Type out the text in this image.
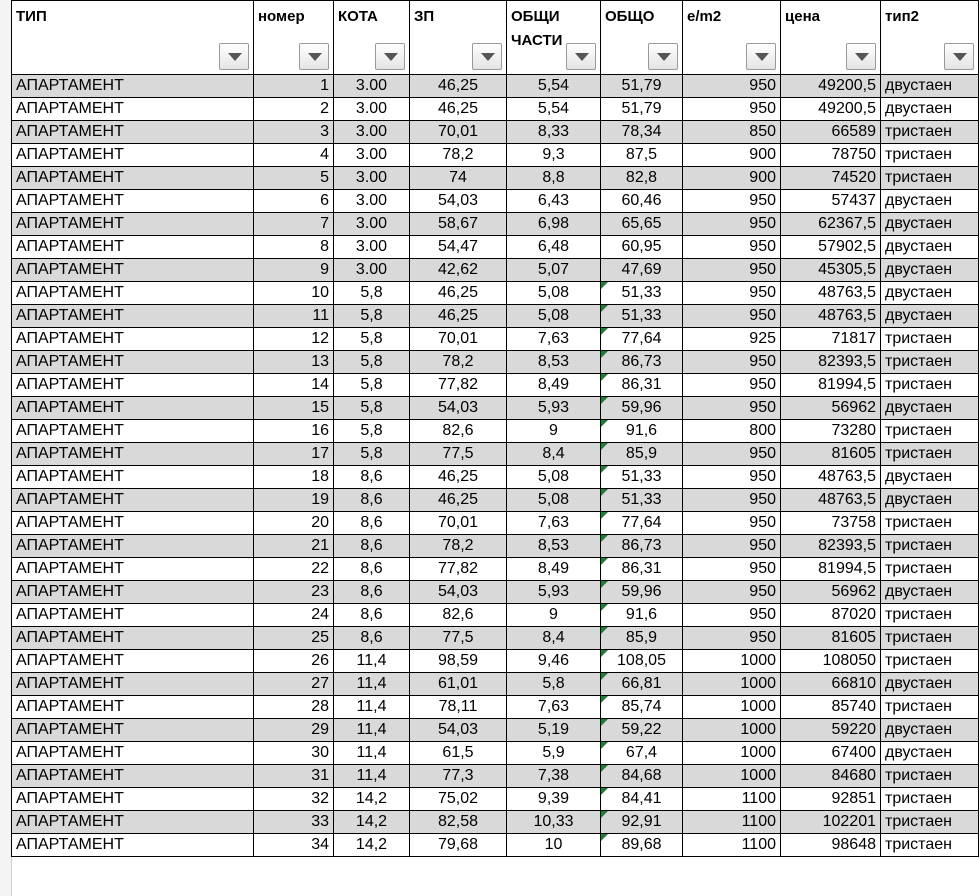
ТИП	номер	КОТА	ЗП	ОБЩИ ЧАСТИ	ОБЩО	e/m2	цена	тип2

АПАРТАМЕНТ	1	3.00	46,25	5,54	51,79	950	49200,5	двустаен
АПАРТАМЕНТ	2	3.00	46,25	5,54	51,79	950	49200,5	двустаен
АПАРТАМЕНТ	3	3.00	70,01	8,33	78,34	850	66589	тристаен
АПАРТАМЕНТ	4	3.00	78,2	9,3	87,5	900	78750	тристаен
АПАРТАМЕНТ	5	3.00	74	8,8	82,8	900	74520	тристаен
АПАРТАМЕНТ	6	3.00	54,03	6,43	60,46	950	57437	двустаен
АПАРТАМЕНТ	7	3.00	58,67	6,98	65,65	950	62367,5	двустаен
АПАРТАМЕНТ	8	3.00	54,47	6,48	60,95	950	57902,5	двустаен
АПАРТАМЕНТ	9	3.00	42,62	5,07	47,69	950	45305,5	двустаен
АПАРТАМЕНТ	10	5,8	46,25	5,08	51,33	950	48763,5	двустаен
АПАРТАМЕНТ	11	5,8	46,25	5,08	51,33	950	48763,5	двустаен
АПАРТАМЕНТ	12	5,8	70,01	7,63	77,64	925	71817	тристаен
АПАРТАМЕНТ	13	5,8	78,2	8,53	86,73	950	82393,5	тристаен
АПАРТАМЕНТ	14	5,8	77,82	8,49	86,31	950	81994,5	тристаен
АПАРТАМЕНТ	15	5,8	54,03	5,93	59,96	950	56962	двустаен
АПАРТАМЕНТ	16	5,8	82,6	9	91,6	800	73280	тристаен
АПАРТАМЕНТ	17	5,8	77,5	8,4	85,9	950	81605	тристаен
АПАРТАМЕНТ	18	8,6	46,25	5,08	51,33	950	48763,5	двустаен
АПАРТАМЕНТ	19	8,6	46,25	5,08	51,33	950	48763,5	двустаен
АПАРТАМЕНТ	20	8,6	70,01	7,63	77,64	950	73758	тристаен
АПАРТАМЕНТ	21	8,6	78,2	8,53	86,73	950	82393,5	тристаен
АПАРТАМЕНТ	22	8,6	77,82	8,49	86,31	950	81994,5	тристаен
АПАРТАМЕНТ	23	8,6	54,03	5,93	59,96	950	56962	двустаен
АПАРТАМЕНТ	24	8,6	82,6	9	91,6	950	87020	тристаен
АПАРТАМЕНТ	25	8,6	77,5	8,4	85,9	950	81605	тристаен
АПАРТАМЕНТ	26	11,4	98,59	9,46	108,05	1000	108050	тристаен
АПАРТАМЕНТ	27	11,4	61,01	5,8	66,81	1000	66810	двустаен
АПАРТАМЕНТ	28	11,4	78,11	7,63	85,74	1000	85740	тристаен
АПАРТАМЕНТ	29	11,4	54,03	5,19	59,22	1000	59220	двустаен
АПАРТАМЕНТ	30	11,4	61,5	5,9	67,4	1000	67400	двустаен
АПАРТАМЕНТ	31	11,4	77,3	7,38	84,68	1000	84680	тристаен
АПАРТАМЕНТ	32	14,2	75,02	9,39	84,41	1100	92851	тристаен
АПАРТАМЕНТ	33	14,2	82,58	10,33	92,91	1100	102201	тристаен
АПАРТАМЕНТ	34	14,2	79,68	10	89,68	1100	98648	тристаен
